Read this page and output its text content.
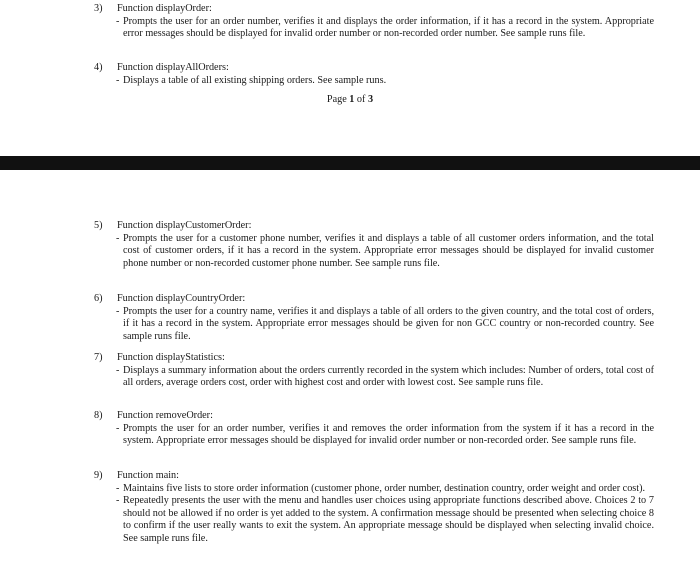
3)	Function displayOrder:
- Prompts the user for an order number, verifies it and displays the order information, if it has a record in the system. Appropriate error messages should be displayed for invalid order number or non-recorded order number. See sample runs file.
4)	Function displayAllOrders:
- Displays a table of all existing shipping orders. See sample runs.
Page 1 of 3
5)	Function displayCustomerOrder:
- Prompts the user for a customer phone number, verifies it and displays a table of all customer orders information, and the total cost of customer orders, if it has a record in the system. Appropriate error messages should be displayed for invalid customer phone number or non-recorded customer phone number. See sample runs file.
6)	Function displayCountryOrder:
- Prompts the user for a country name, verifies it and displays a table of all orders to the given country, and the total cost of orders, if it has a record in the system. Appropriate error messages should be given for non GCC country or non-recorded country. See sample runs file.
7)	Function displayStatistics:
- Displays a summary information about the orders currently recorded in the system which includes: Number of orders, total cost of all orders, average orders cost, order with highest cost and order with lowest cost. See sample runs file.
8)	Function removeOrder:
- Prompts the user for an order number, verifies it and removes the order information from the system if it has a record in the system. Appropriate error messages should be displayed for invalid order number or non-recorded order. See sample runs file.
9)	Function main:
- Maintains five lists to store order information (customer phone, order number, destination country, order weight and order cost).
- Repeatedly presents the user with the menu and handles user choices using appropriate functions described above. Choices 2 to 7 should not be allowed if no order is yet added to the system. A confirmation message should be presented when selecting choice 8 to confirm if the user really wants to exit the system. An appropriate message should be displayed when selecting invalid choice. See sample runs file.
